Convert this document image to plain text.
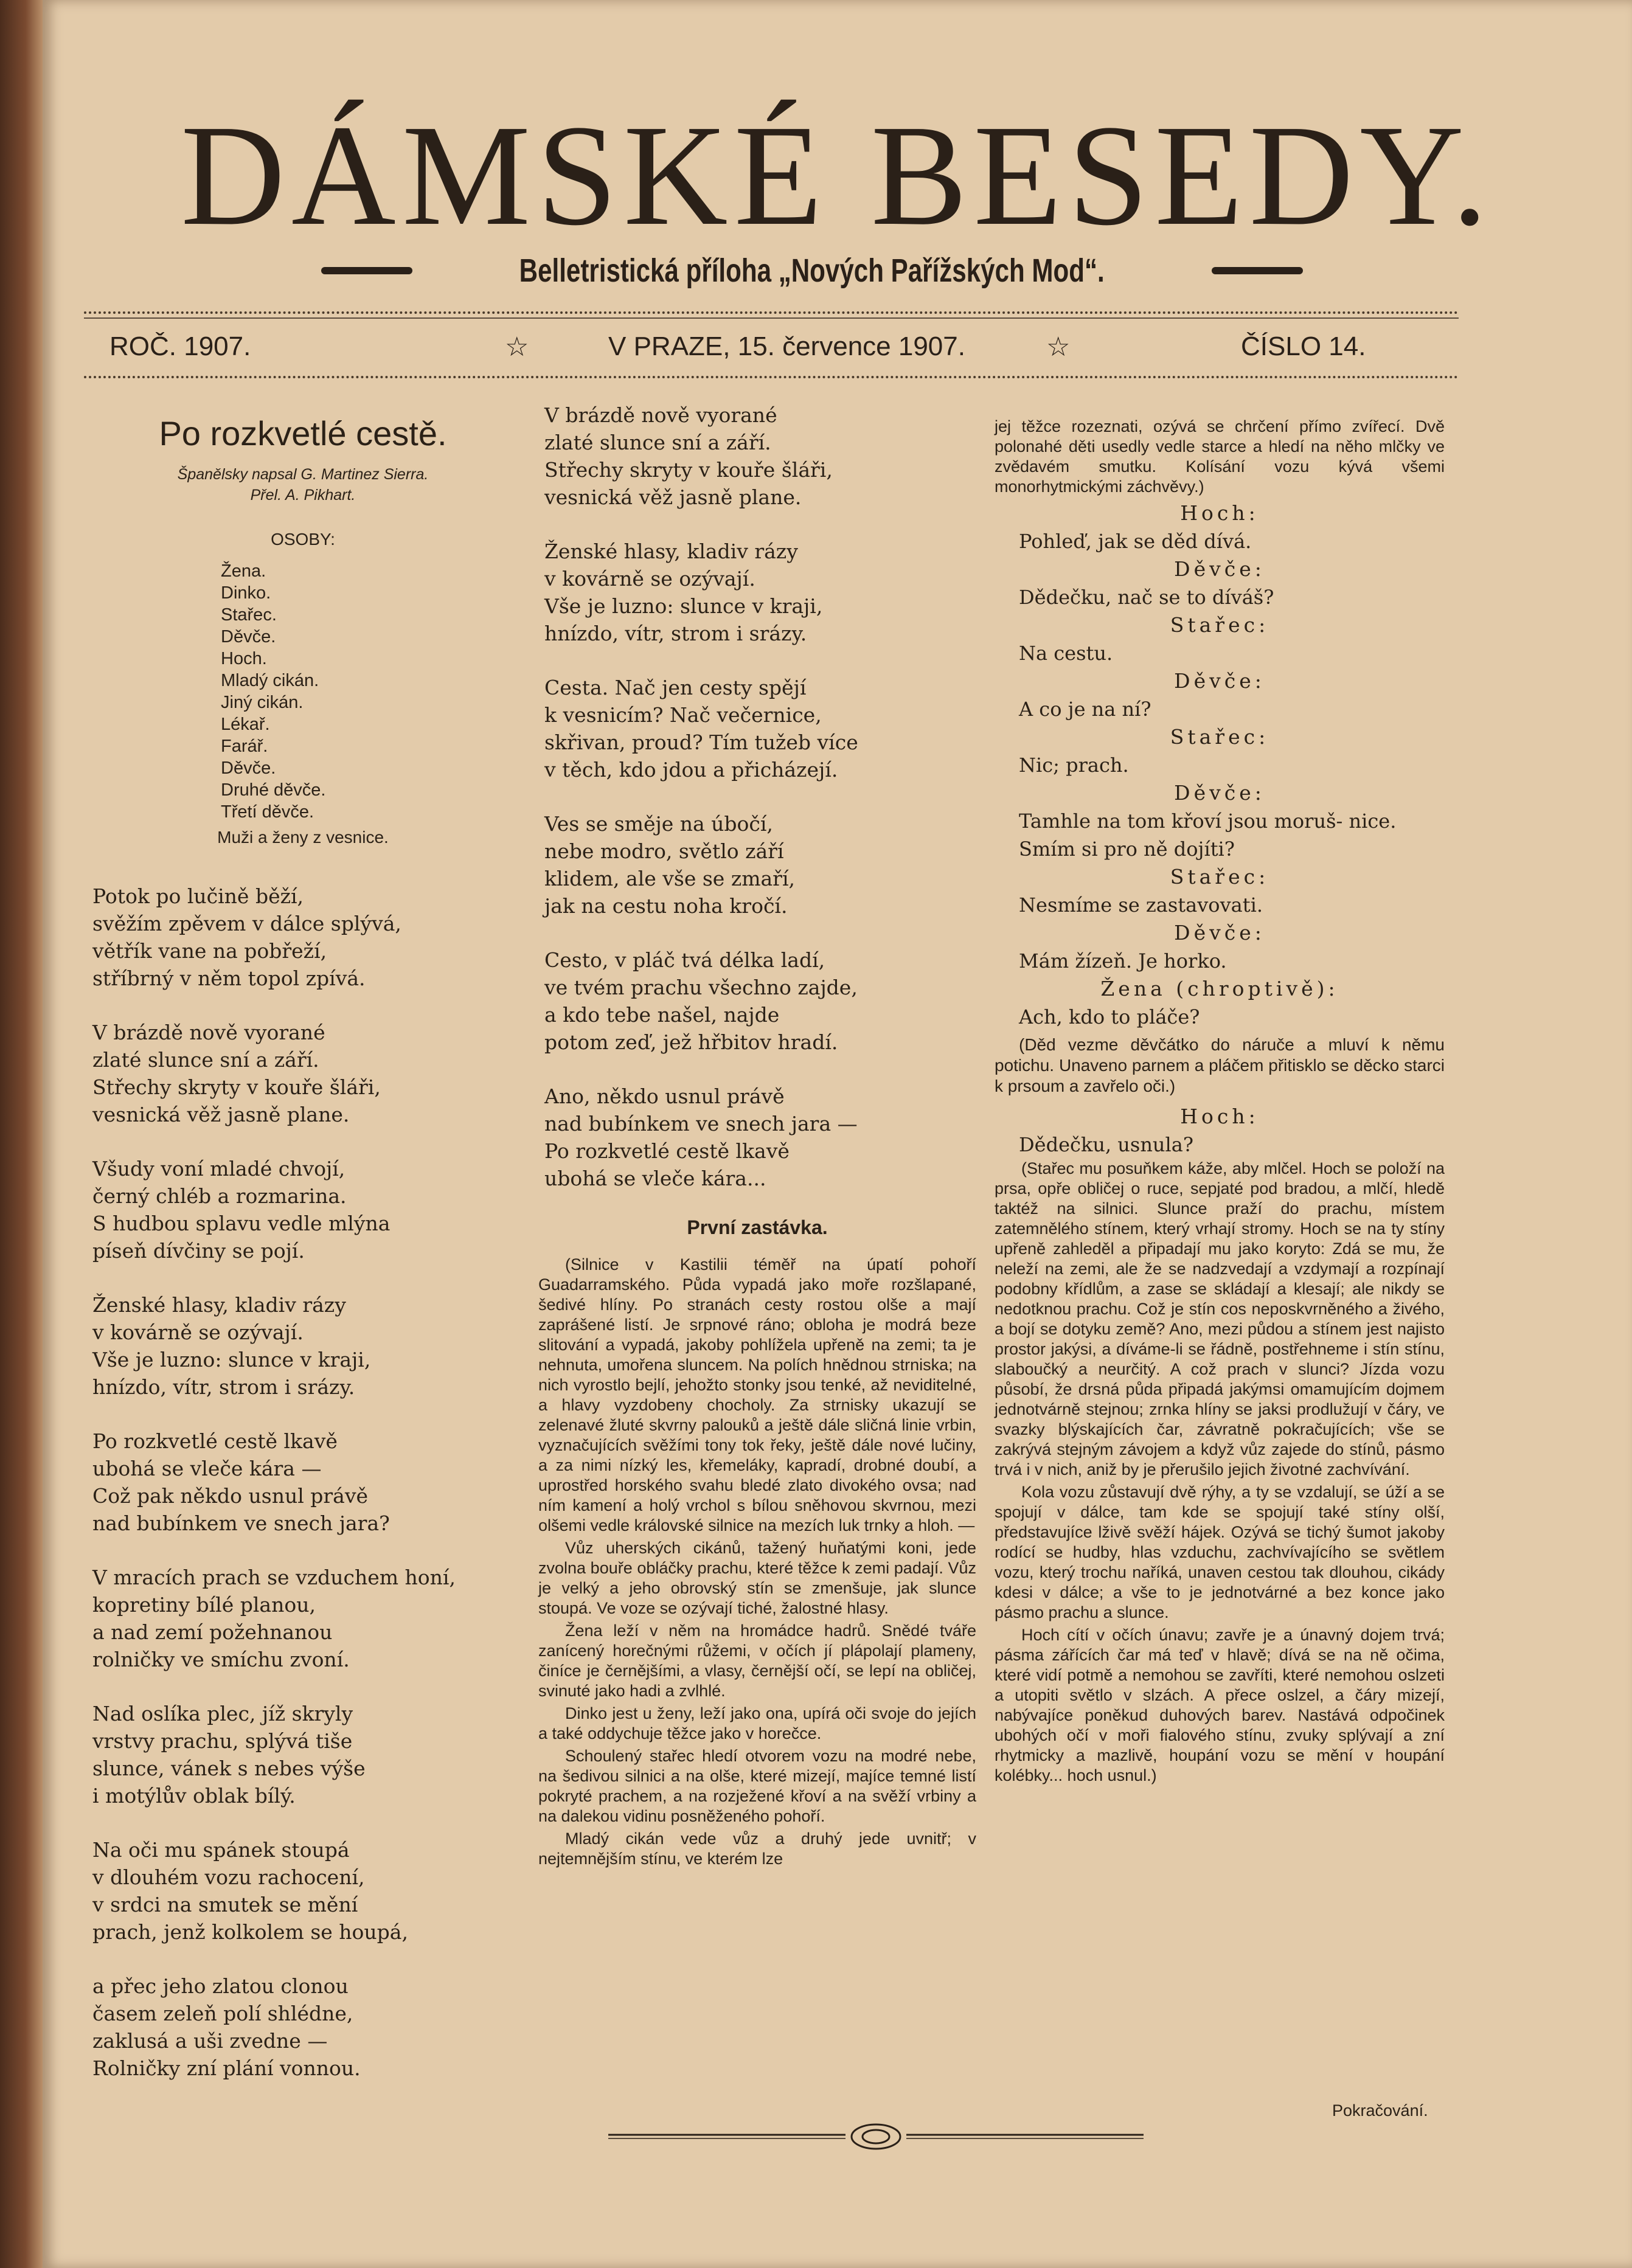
DÁMSKÉ BESEDY.
Belletristická příloha „Nových Pařížských Mod“.
ROČ. 1907.	☆	V PRAZE, 15. července 1907.	☆	ČÍSLO 14.
Po rozkvetlé cestě.
Španělsky napsal G. Martinez Sierra.
Přel. A. Pikhart.
OSOBY:
Žena.
Dinko.
Stařec.
Děvče.
Hoch.
Mladý cikán.
Jiný cikán.
Lékař.
Farář.
Děvče.
Druhé děvče.
Třetí děvče.
Muži a ženy z vesnice.
Potok po lučině běží,
svěžím zpěvem v dálce splývá,
větřík vane na pobřeží,
stříbrný v něm topol zpívá.
V brázdě nově vyorané
zlaté slunce sní a září.
Střechy skryty v kouře šláři,
vesnická věž jasně plane.
Všudy voní mladé chvojí,
černý chléb a rozmarina.
S hudbou splavu vedle mlýna
píseň dívčiny se pojí.
Ženské hlasy, kladiv rázy
v kovárně se ozývají.
Vše je luzno: slunce v kraji,
hnízdo, vítr, strom i srázy.
Po rozkvetlé cestě lkavě
ubohá se vleče kára —
Což pak někdo usnul právě
nad bubínkem ve snech jara?
V mracích prach se vzduchem honí,
kopretiny bílé planou,
a nad zemí požehnanou
rolničky ve smíchu zvoní.
Nad oslíka plec, jíž skryly
vrstvy prachu, splývá tiše
slunce, vánek s nebes výše
i motýlův oblak bílý.
Na oči mu spánek stoupá
v dlouhém vozu rachocení,
v srdci na smutek se mění
prach, jenž kolkolem se houpá,
a přec jeho zlatou clonou
časem zeleň polí shlédne,
zaklusá a uši zvedne —
Rolničky zní plání vonnou.
V brázdě nově vyorané
zlaté slunce sní a září.
Střechy skryty v kouře šláři,
vesnická věž jasně plane.
Ženské hlasy, kladiv rázy
v kovárně se ozývají.
Vše je luzno: slunce v kraji,
hnízdo, vítr, strom i srázy.
Cesta. Nač jen cesty spějí
k vesnicím? Nač večernice,
skřivan, proud? Tím tužeb více
v těch, kdo jdou a přicházejí.
Ves se směje na úbočí,
nebe modro, světlo září
klidem, ale vše se zmaří,
jak na cestu noha kročí.
Cesto, v pláč tvá délka ladí,
ve tvém prachu všechno zajde,
a kdo tebe našel, najde
potom zeď, jež hřbitov hradí.
Ano, někdo usnul právě
nad bubínkem ve snech jara —
Po rozkvetlé cestě lkavě
ubohá se vleče kára...
První zastávka.

(Silnice v Kastilii téměř na úpatí pohoří Guadarramského. Půda vypadá jako moře rozšlapané, šedivé hlíny. Po stranách cesty rostou olše a mají zaprášené listí. Je srpnové ráno; obloha je modrá beze slitování a vypadá, jakoby pohlížela upřeně na zemi; ta je nehnuta, umořena sluncem. Na polích hnědnou strniska; na nich vyrostlo bejlí, jehožto stonky jsou tenké, až neviditelné, a hlavy vyzdobeny chocholy. Za strnisky ukazují se zelenavé žluté skvrny palouků a ještě dále sličná linie vrbin, vyznačujících svěžími tony tok řeky, ještě dále nové lučiny, a za nimi nízký les, křemeláky, kapradí, drobné doubí, a uprostřed horského svahu bledé zlato divokého ovsa; nad ním kamení a holý vrchol s bílou sněhovou skvrnou, mezi olšemi vedle královské silnice na mezích luk trnky a hloh. —

Vůz uherských cikánů, tažený huňatými koni, jede zvolna bouře obláčky prachu, které těžce k zemi padají. Vůz je velký a jeho obrovský stín se zmenšuje, jak slunce stoupá. Ve voze se ozývají tiché, žalostné hlasy.

Žena leží v něm na hromádce hadrů. Snědé tváře zanícený horečnými růžemi, v očích jí plápolají plameny, činíce je černějšími, a vlasy, černější očí, se lepí na obličej, svinuté jako hadi a zvlhlé.

Dinko jest u ženy, leží jako ona, upírá oči svoje do jejích a také oddychuje těžce jako v horečce.

Schoulený stařec hledí otvorem vozu na modré nebe, na šedivou silnici a na olše, které mizejí, majíce temné listí pokryté prachem, a na rozježené křoví a na svěží vrbiny a na dalekou vidinu posněženého pohoří.

Mladý cikán vede vůz a druhý jede uvnitř; v nejtemnějším stínu, ve kterém lze

jej těžce rozeznati, ozývá se chrčení přímo zvířecí. Dvě polonahé děti usedly vedle starce a hledí na něho mlčky ve zvědavém smutku. Kolísání vozu kývá všemi monorhytmickými záchvěvy.)

Hoch:
Pohleď, jak se děd dívá.
Děvče:
Dědečku, nač se to díváš?
Stařec:
Na cestu.
Děvče:
A co je na ní?
Stařec:
Nic; prach.
Děvče:
Tamhle na tom křoví jsou moruš- nice. Smím si pro ně dojíti?
Stařec:
Nesmíme se zastavovati.
Děvče:
Mám žízeň. Je horko.
Žena (chroptivě):
Ach, kdo to pláče?

(Děd vezme děvčátko do náruče a mluví k němu potichu. Unaveno parnem a pláčem přitisklo se děcko starci k prsoum a zavřelo oči.)

Hoch:
Dědečku, usnula?

(Stařec mu posuňkem káže, aby mlčel. Hoch se položí na prsa, opře obličej o ruce, sepjaté pod bradou, a mlčí, hledě taktéž na silnici. Slunce praží do prachu, místem zatemnělého stínem, který vrhají stromy. Hoch se na ty stíny upřeně zahleděl a připadají mu jako koryto: Zdá se mu, že neleží na zemi, ale že se nadzvedají a vzdymají a rozpínají podobny křídlům, a zase se skládají a klesají; ale nikdy se nedotknou prachu. Což je stín cos neposkvrněného a živého, a bojí se dotyku země? Ano, mezi půdou a stínem jest najisto prostor jakýsi, a díváme-li se řádně, postřehneme i stín stínu, slaboučký a neurčitý. A což prach v slunci? Jízda vozu působí, že drsná půda připadá jakýmsi omamujícím dojmem jednotvárně stejnou; zrnka hlíny se jaksi prodlužují v čáry, ve svazky blýskajících čar, závratně pokračujících; vše se zakrývá stejným závojem a když vůz zajede do stínů, pásmo trvá i v nich, aniž by je přerušilo jejich životné zachvívání.

Kola vozu zůstavují dvě rýhy, a ty se vzdalují, se úží a se spojují v dálce, tam kde se spojují také stíny olší, představujíce lživě svěží hájek. Ozývá se tichý šumot jakoby rodící se hudby, hlas vzduchu, zachvívajícího se světlem vozu, který trochu naříká, unaven cestou tak dlouhou, cikády kdesi v dálce; a vše to je jednotvárné a bez konce jako pásmo prachu a slunce.

Hoch cítí v očích únavu; zavře je a únavný dojem trvá; pásma zářících čar má teď v hlavě; dívá se na ně očima, které vidí potmě a nemohou se zavříti, které nemohou oslzeti a utopiti světlo v slzách. A přece oslzel, a čáry mizejí, nabývajíce poněkud duhových barev. Nastává odpočinek ubohých očí v moři fialového stínu, zvuky splývají a zní rhytmicky a mazlivě, houpání vozu se mění v houpání kolébky... hoch usnul.)

Pokračování.
